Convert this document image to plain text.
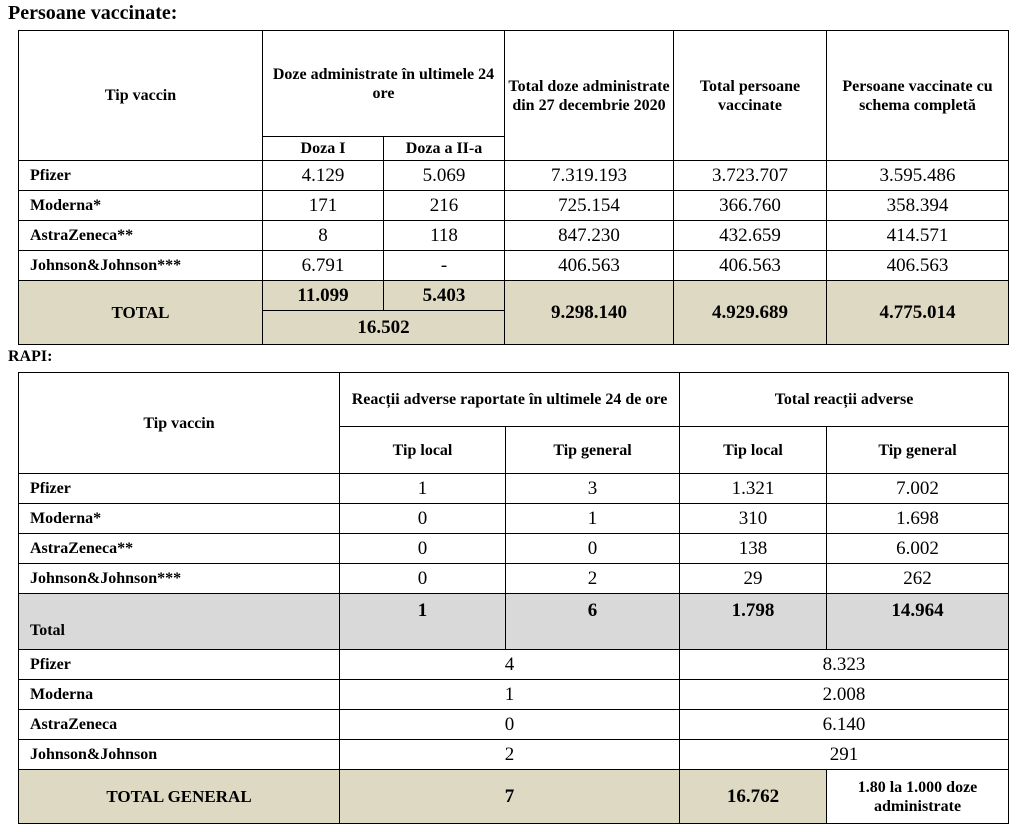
Persoane vaccinate:
Tip vaccin	Doze administrate în ultimele 24 ore		Total doze administrate din 27 decembrie 2020	Total persoane vaccinate	Persoane vaccinate cu schema completă
	Doza I	Doza a II-a			
Pfizer	4.129	5.069	7.319.193	3.723.707	3.595.486
Moderna*	171	216	725.154	366.760	358.394
AstraZeneca**	8	118	847.230	432.659	414.571
Johnson&Johnson***	6.791	-	406.563	406.563	406.563
TOTAL	11.099	5.403	9.298.140	4.929.689	4.775.014
	16.502				
RAPI:
Tip vaccin	Reacții adverse raportate în ultimele 24 de ore		Total reacții adverse	
	Tip local	Tip general	Tip local	Tip general
Pfizer	1	3	1.321	7.002
Moderna*	0	1	310	1.698
AstraZeneca**	0	0	138	6.002
Johnson&Johnson***	0	2	29	262
Total	1	6	1.798	14.964
Pfizer	4		8.323	
Moderna	1		2.008	
AstraZeneca	0		6.140	
Johnson&Johnson	2		291	
TOTAL GENERAL	7		16.762	1.80 la 1.000 doze administrate
